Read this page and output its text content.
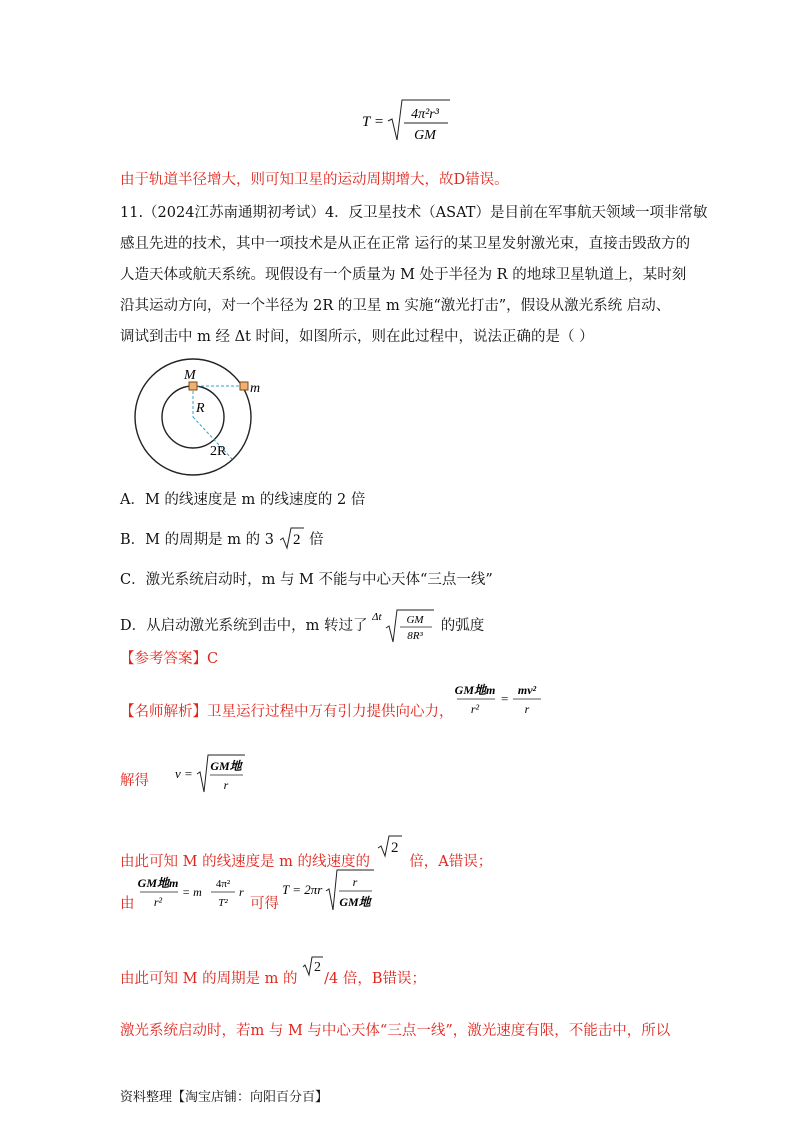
T = 4π²r³
GM
由于轨道半径增大，则可知卫星的运动周期增大，故D错误。
11.（2024江苏南通期初考试）4．反卫星技术（ASAT）是目前在军事航天领域一项非常敏
感且先进的技术，其中一项技术是从正在正常 运行的某卫星发射激光束，直接击毁敌方的
人造天体或航天系统。现假设有一个质量为 M 处于半径为 R 的地球卫星轨道上，某时刻
沿其运动方向，对一个半径为 2R 的卫星 m 实施“激光打击”，假设从激光系统 启动、
调试到击中 m 经 Δt 时间，如图所示，则在此过程中，说法正确的是（ ）
M
m
R
2R
A．M 的线速度是 m 的线速度的 2 倍
B．M 的周期是 m 的 3 2 倍
C．激光系统启动时，m 与 M 不能与中心天体“三点一线”
D．从启动激光系统到击中，m 转过了
Δt GM
8R³
的弧度
【参考答案】C
【名师解析】卫星运行过程中万有引力提供向心力，
GM地m
r²
=
mv²
r
解得 v = GM地
r
由此可知 M 的线速度是 m 的线速度的
2
倍，A错误；
由
GM地m
r²
= m
4π²
T²
r
可得
T = 2πr	r
GM地
由此可知 M 的周期是 m 的
2
/4 倍，B错误；
激光系统启动时，若m 与 M 与中心天体“三点一线”，激光速度有限，不能击中，所以
资料整理【淘宝店铺：向阳百分百】
